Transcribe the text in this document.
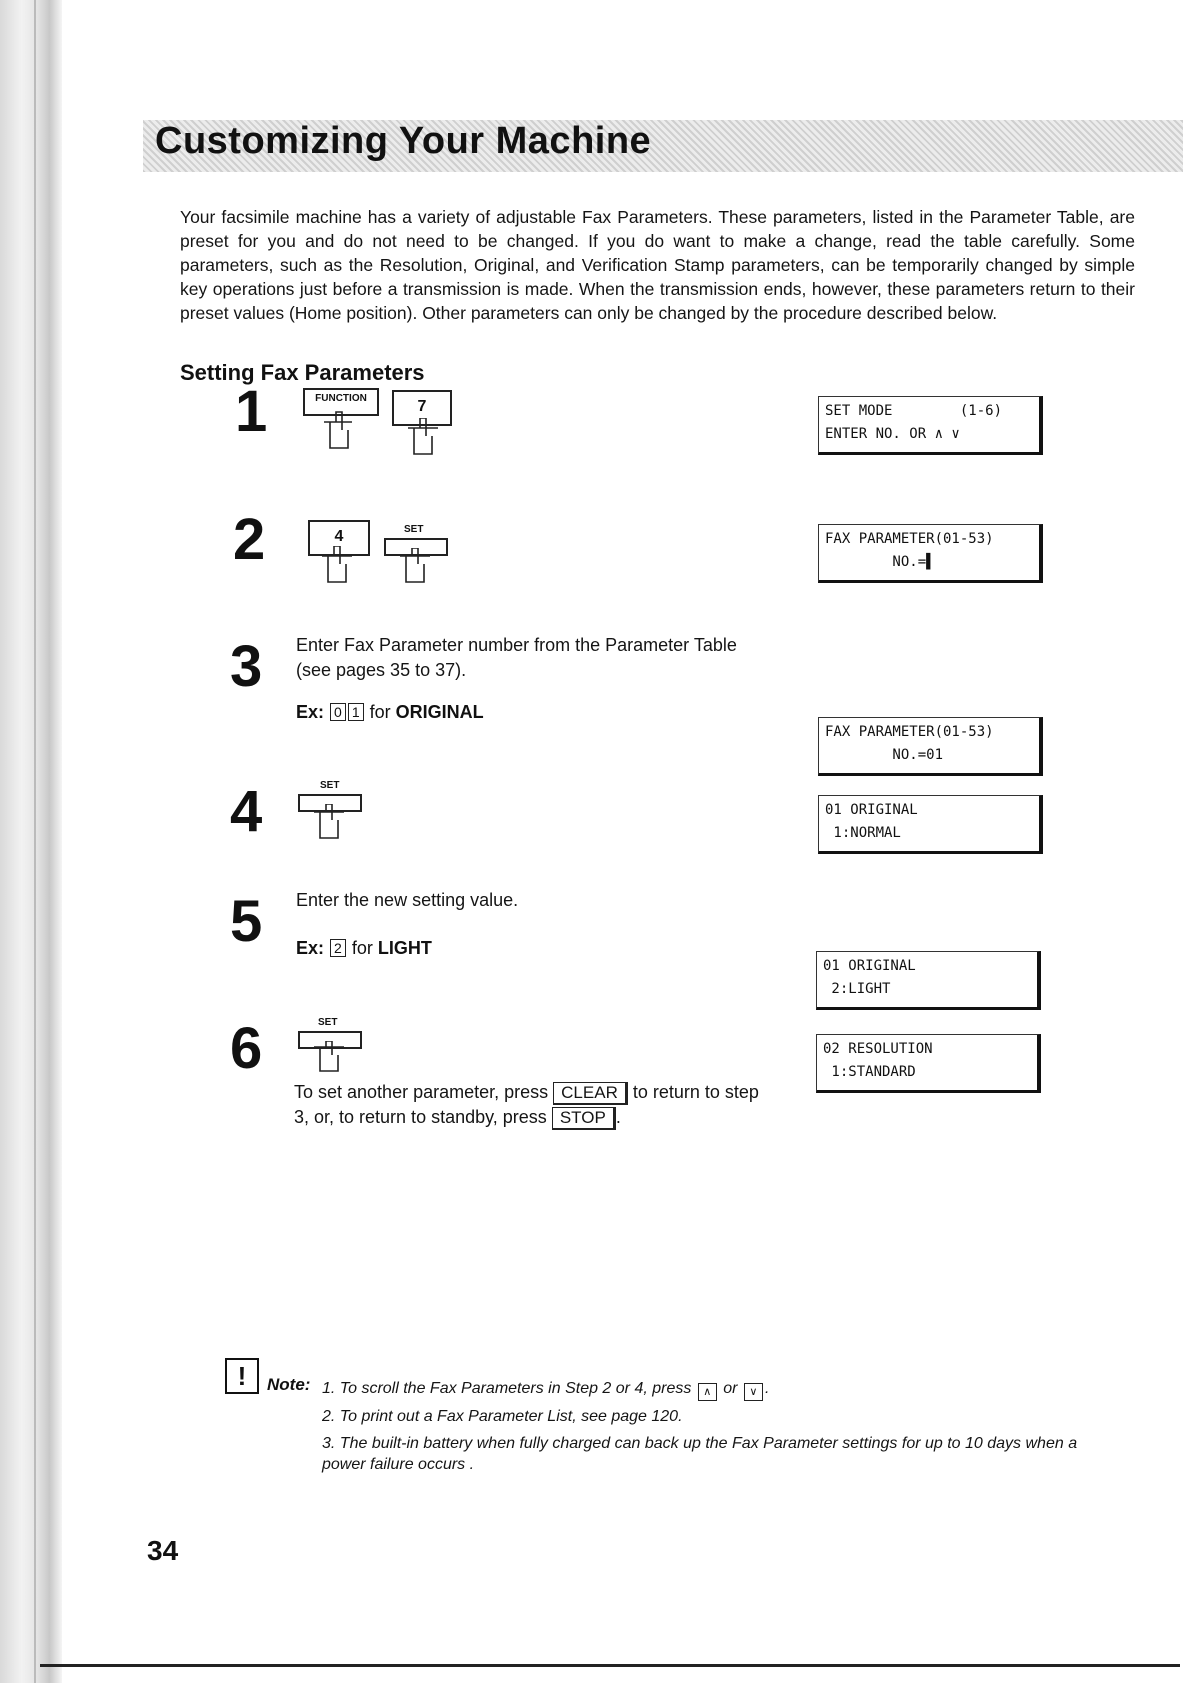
Customizing Your Machine
Your facsimile machine has a variety of adjustable Fax Parameters. These parameters, listed in the Parameter Table, are preset for you and do not need to be changed. If you do want to make a change, read the table carefully. Some parameters, such as the Resolution, Original, and Verification Stamp parameters, can be temporarily changed by simple key operations just before a transmission is made. When the transmission ends, however, these parameters return to their preset values (Home position). Other parameters can only be changed by the procedure described below.
Setting Fax Parameters
1	FUNCTION	7
2	4	SET
3 Enter Fax Parameter number from the Parameter Table (see pages 35 to 37).
Ex: 0 1 for ORIGINAL
4	SET
5 Enter the new setting value.
Ex: 2 for LIGHT
6	SET
To set another parameter, press CLEAR to return to step 3, or, to return to standby, press STOP .
SET MODE        (1-6)
ENTER NO. OR ∧ ∨
FAX PARAMETER(01-53)
NO.=▌
FAX PARAMETER(01-53)
NO.=01
01 ORIGINAL
1:NORMAL
01 ORIGINAL
2:LIGHT
02 RESOLUTION
1:STANDARD
!	Note: 1. To scroll the Fax Parameters in Step 2 or 4, press ∧ or ∨ .
2. To print out a Fax Parameter List, see page 120.
3. The built-in battery when fully charged can back up the Fax Parameter settings for up to 10 days when a power failure occurs .
34
